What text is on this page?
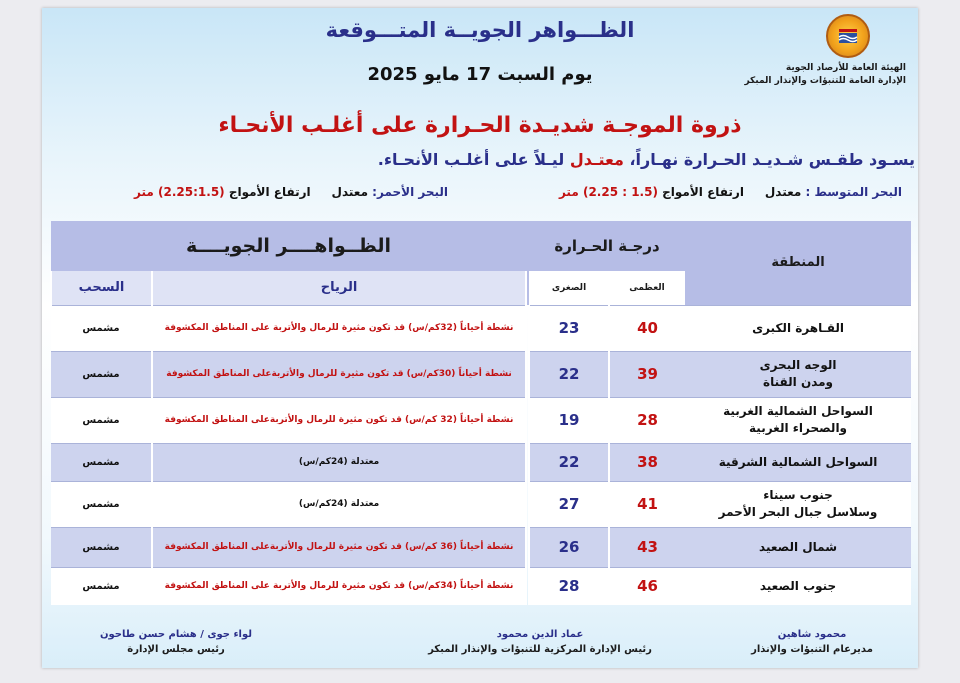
الهيئة العامة للأرصاد الجوية
الإدارة العامة للتنبؤات والإنذار المبكر
الظـــواهر الجويــة المتـــوقعة
يوم السبت 17 مايو 2025
ذروة الموجـة شديـدة الحـرارة على أغلـب الأنحـاء
يسـود طقـس شـديـد الحـرارة نهـاراً، معتـدل ليـلاً على أغلـب الأنحـاء.
البحر المتوسط : معتدل     ارتفاع الأمواج (1.5 : 2.25) متر
البحر الأحمر: معتدل     ارتفاع الأمواج (2.25:1.5) متر
المنطقة	درجـة الحـرارة			الظــواهــــر الجويــــة	
	العظمى	الصغرى		الرياح	السحب

القـاهرة الكبرى	40	23		نشطة أحياناً (32كم/س) قد تكون مثيرة للرمال والأتربة على المناطق المكشوفة	مشمس

الوجه البحرى
ومدن القناة	39	22		نشطة أحياناً (30كم/س) قد تكون مثيرة للرمال والأتربةعلى المناطق المكشوفة	مشمس

السواحل الشمالية الغربية
والصحراء الغربية	28	19		نشطة أحياناً (32 كم/س) قد تكون مثيرة للرمال والأتربةعلى المناطق المكشوفة	مشمس

السواحل الشمالية الشرقية	38	22		معتدلة (24كم/س)	مشمس

جنوب سيناء
وسلاسل جبال البحر الأحمر	41	27		معتدلة (24كم/س)	مشمس

شمال الصعيد	43	26		نشطة أحياناً (36 كم/س) قد تكون مثيرة للرمال والأتربةعلى المناطق المكشوفة	مشمس

جنوب الصعيد	46	28		نشطة أحياناً (34كم/س) قد تكون مثيرة للرمال والأتربة على المناطق المكشوفة	مشمس
محمود شاهين
مديرعام التنبؤات والإنذار
عماد الدين محمود
رئيس الإدارة المركزية للتنبؤات والإنذار المبكر
لواء جوى / هشام حسن طاحون
رئيس مجلس الإدارة
